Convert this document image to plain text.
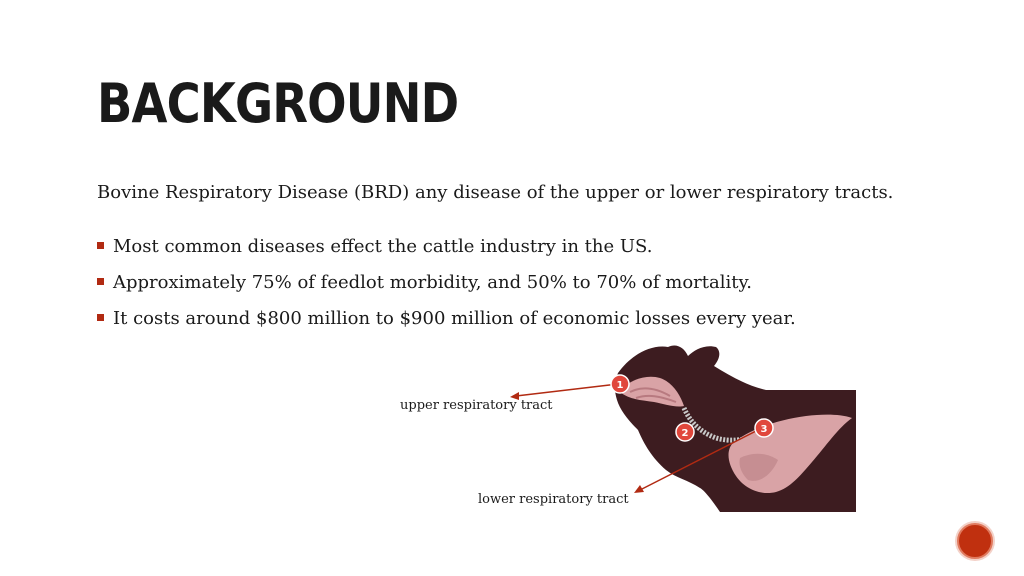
BACKGROUND
Bovine Respiratory Disease (BRD) any disease of the upper or lower respiratory tracts.
Most common diseases effect the cattle industry in the US.
Approximately 75% of feedlot morbidity, and 50% to 70% of mortality.
It costs around $800 million to $900 million of economic losses every year.
1
2	3
upper respiratory tract
lower respiratory tract
